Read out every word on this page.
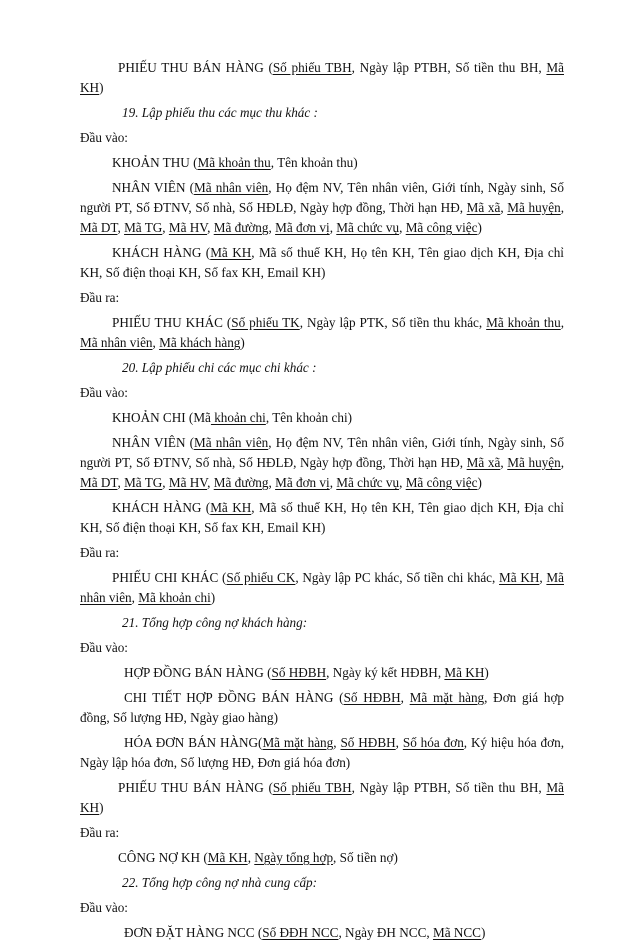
PHIẾU THU BÁN HÀNG (Số phiếu TBH, Ngày lập PTBH, Số tiền thu BH, Mã KH)

19. Lập phiếu thu các mục thu khác :

Đầu vào:

KHOẢN THU (Mã khoản thu, Tên khoản thu)

NHÂN VIÊN (Mã nhân viên, Họ đệm NV, Tên nhân viên, Giới tính, Ngày sinh, Số người PT, Số ĐTNV, Số nhà, Số HĐLĐ, Ngày hợp đồng, Thời hạn HĐ, Mã xã, Mã huyện, Mã DT, Mã TG, Mã HV, Mã đường, Mã đơn vị, Mã chức vụ, Mã công việc)

KHÁCH HÀNG (Mã KH, Mã số thuế KH, Họ tên KH, Tên giao dịch KH, Địa chỉ KH, Số điện thoại KH, Số fax KH, Email KH)

Đầu ra:

PHIẾU THU KHÁC (Số phiếu TK, Ngày lập PTK, Số tiền thu khác, Mã khoản thu, Mã nhân viên, Mã khách hàng)

20. Lập phiếu chi các mục chi khác :

Đầu vào:

KHOẢN CHI (Mã khoản chi, Tên khoản chi)

NHÂN VIÊN (Mã nhân viên, Họ đệm NV, Tên nhân viên, Giới tính, Ngày sinh, Số người PT, Số ĐTNV, Số nhà, Số HĐLĐ, Ngày hợp đồng, Thời hạn HĐ, Mã xã, Mã huyện, Mã DT, Mã TG, Mã HV, Mã đường, Mã đơn vị, Mã chức vụ, Mã công việc)

KHÁCH HÀNG (Mã KH, Mã số thuế KH, Họ tên KH, Tên giao dịch KH, Địa chỉ KH, Số điện thoại KH, Số fax KH, Email KH)

Đầu ra:

PHIẾU CHI KHÁC (Số phiếu CK, Ngày lập PC khác, Số tiền chi khác, Mã KH, Mã nhân viên, Mã khoản chi)

21. Tổng hợp công nợ khách hàng:

Đầu vào:

HỢP ĐỒNG BÁN HÀNG (Số HĐBH, Ngày ký kết HĐBH, Mã KH)

CHI TIẾT HỢP ĐỒNG BÁN HÀNG (Số HĐBH, Mã mặt hàng, Đơn giá hợp đồng, Số lượng HĐ, Ngày giao hàng)

HÓA ĐƠN BÁN HÀNG(Mã mặt hàng, Số HĐBH, Số hóa đơn, Ký hiệu hóa đơn, Ngày lập hóa đơn, Số lượng HĐ, Đơn giá hóa đơn)

PHIẾU THU BÁN HÀNG (Số phiếu TBH, Ngày lập PTBH, Số tiền thu BH, Mã KH)

Đầu ra:

CÔNG NỢ KH (Mã KH, Ngày tổng hợp, Số tiền nợ)

22. Tổng hợp công nợ nhà cung cấp:

Đầu vào:

ĐƠN ĐẶT HÀNG NCC (Số ĐĐH NCC, Ngày ĐH NCC, Mã NCC)
